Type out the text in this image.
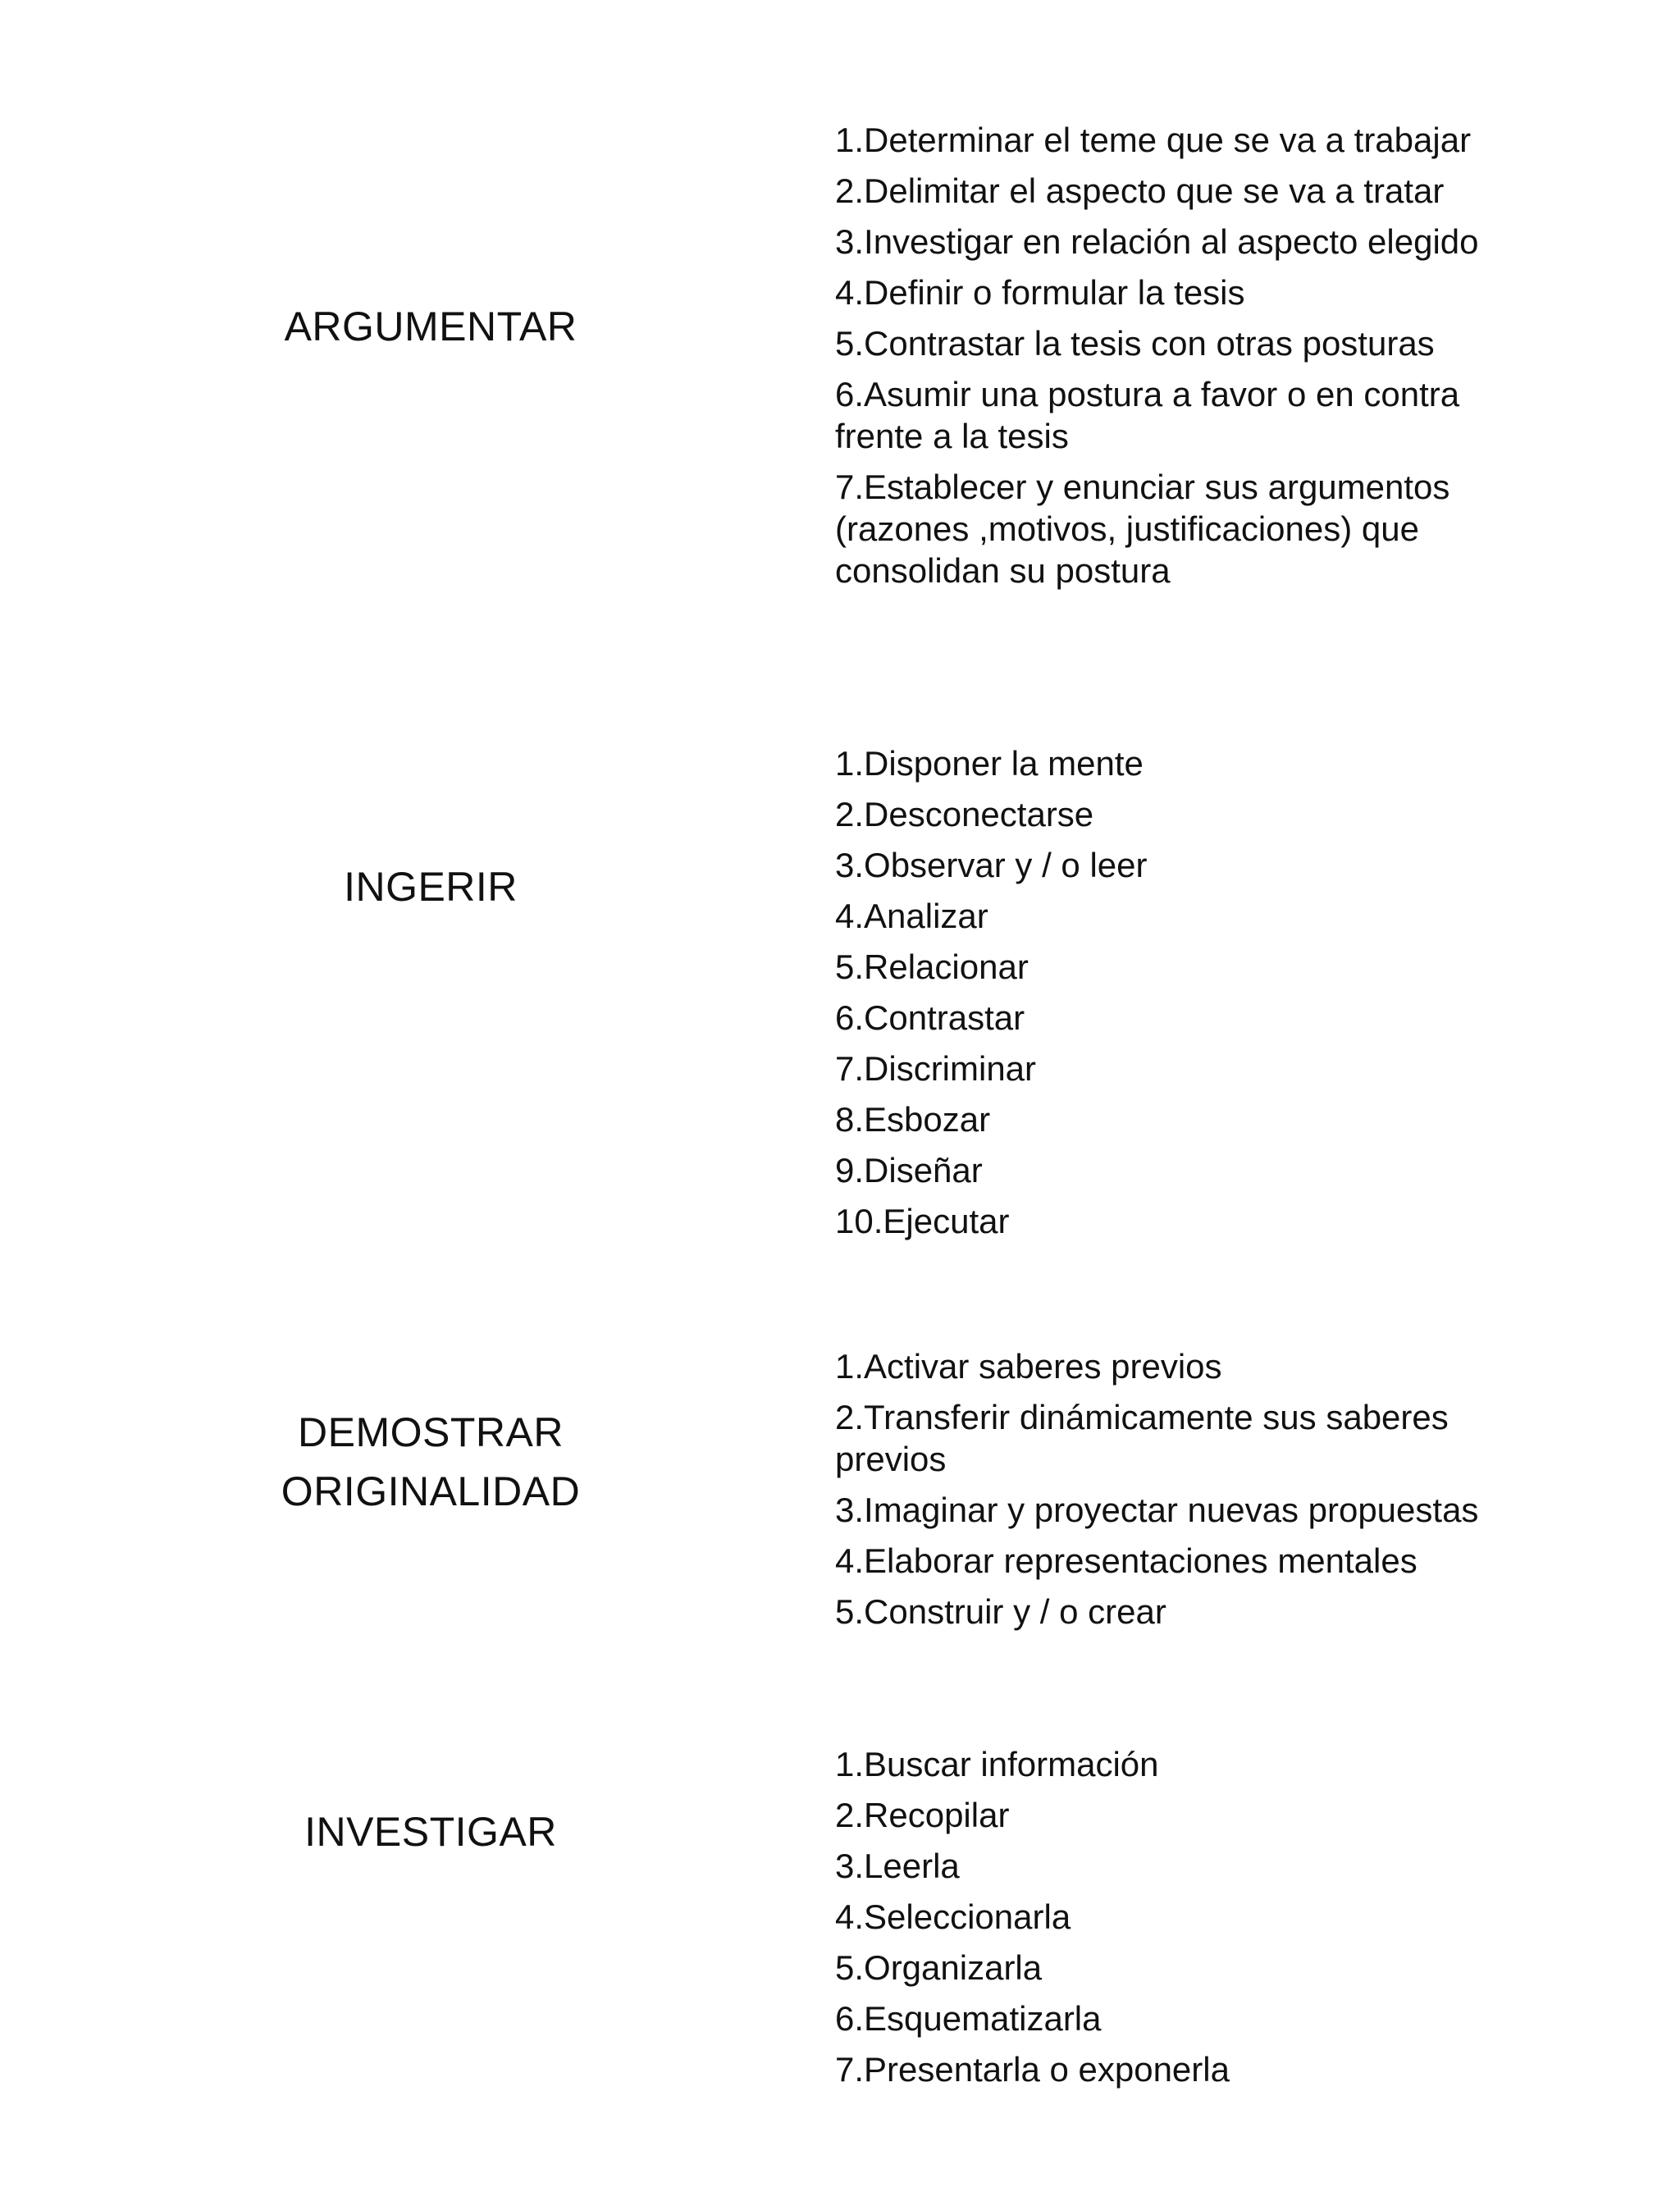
ARGUMENTAR
1.Determinar el teme que se va a trabajar
2.Delimitar el aspecto que se va a tratar
3.Investigar en relación al aspecto elegido
4.Definir o formular la tesis
5.Contrastar la tesis con otras posturas
6.Asumir una postura a favor o en contra frente a la tesis
7.Establecer y enunciar sus argumentos (razones ,motivos, justificaciones) que consolidan su postura
INGERIR
1.Disponer la mente
2.Desconectarse
3.Observar y / o leer
4.Analizar
5.Relacionar
6.Contrastar
7.Discriminar
8.Esbozar
9.Diseñar
10.Ejecutar
DEMOSTRAR
ORIGINALIDAD
1.Activar saberes previos
2.Transferir dinámicamente sus saberes previos
3.Imaginar y proyectar nuevas propuestas
4.Elaborar representaciones mentales
5.Construir y / o crear
INVESTIGAR
1.Buscar información
2.Recopilar
3.Leerla
4.Seleccionarla
5.Organizarla
6.Esquematizarla
7.Presentarla o exponerla
